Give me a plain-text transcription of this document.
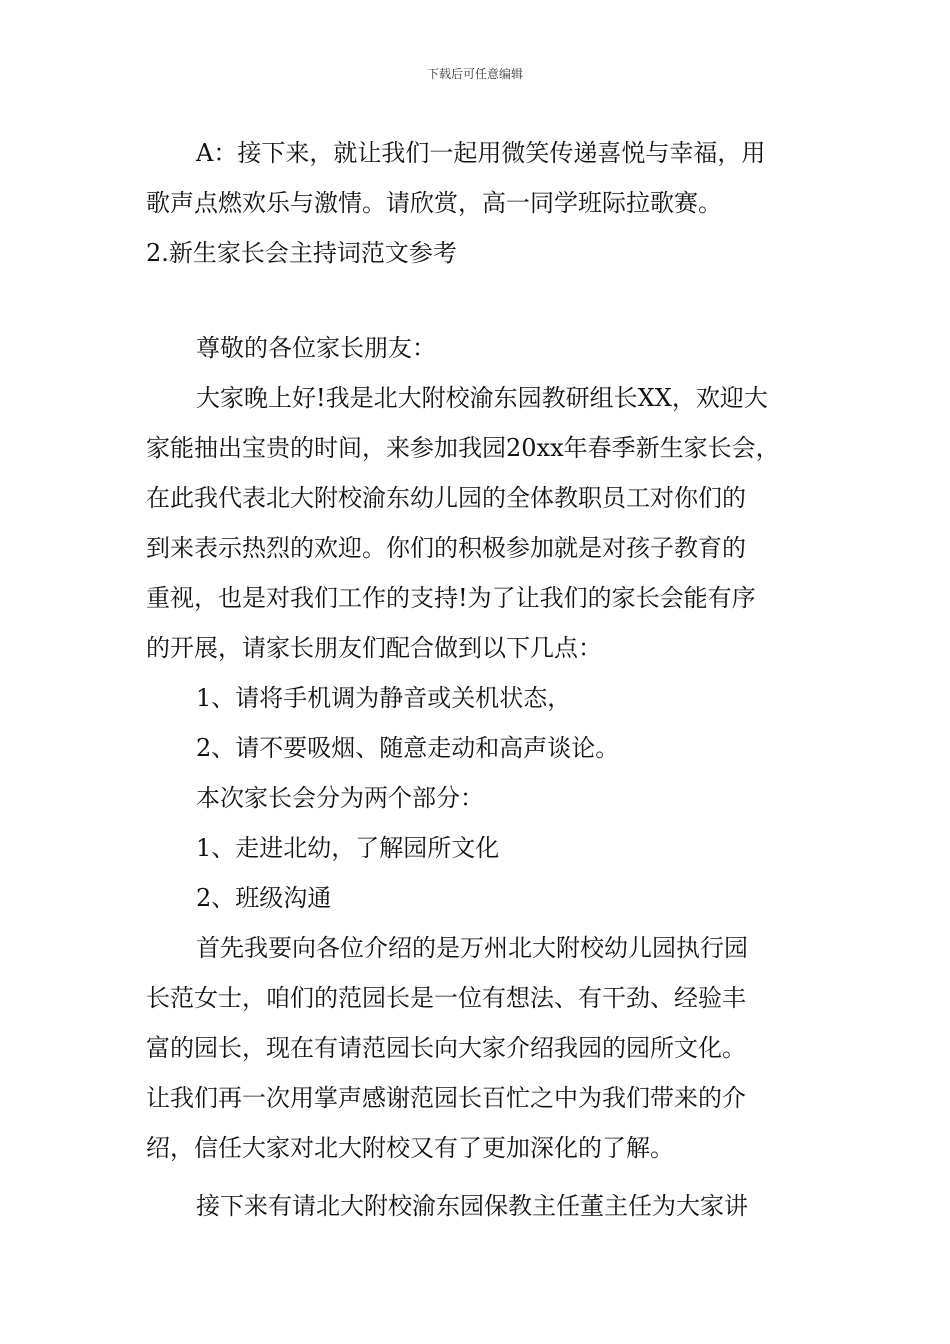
下载后可任意编辑

A：接下来，就让我们一起用微笑传递喜悦与幸福，用

歌声点燃欢乐与激情。请欣赏，高一同学班际拉歌赛。

2.新生家长会主持词范文参考

尊敬的各位家长朋友：

大家晚上好!我是北大附校渝东园教研组长XX，欢迎大

家能抽出宝贵的时间，来参加我园20xx年春季新生家长会，

在此我代表北大附校渝东幼儿园的全体教职员工对你们的

到来表示热烈的欢迎。你们的积极参加就是对孩子教育的

重视，也是对我们工作的支持!为了让我们的家长会能有序

的开展，请家长朋友们配合做到以下几点：

1、请将手机调为静音或关机状态，

2、请不要吸烟、随意走动和高声谈论。

本次家长会分为两个部分：

1、走进北幼，了解园所文化

2、班级沟通

首先我要向各位介绍的是万州北大附校幼儿园执行园

长范女士，咱们的范园长是一位有想法、有干劲、经验丰

富的园长，现在有请范园长向大家介绍我园的园所文化。

让我们再一次用掌声感谢范园长百忙之中为我们带来的介

绍，信任大家对北大附校又有了更加深化的了解。

接下来有请北大附校渝东园保教主任董主任为大家讲
